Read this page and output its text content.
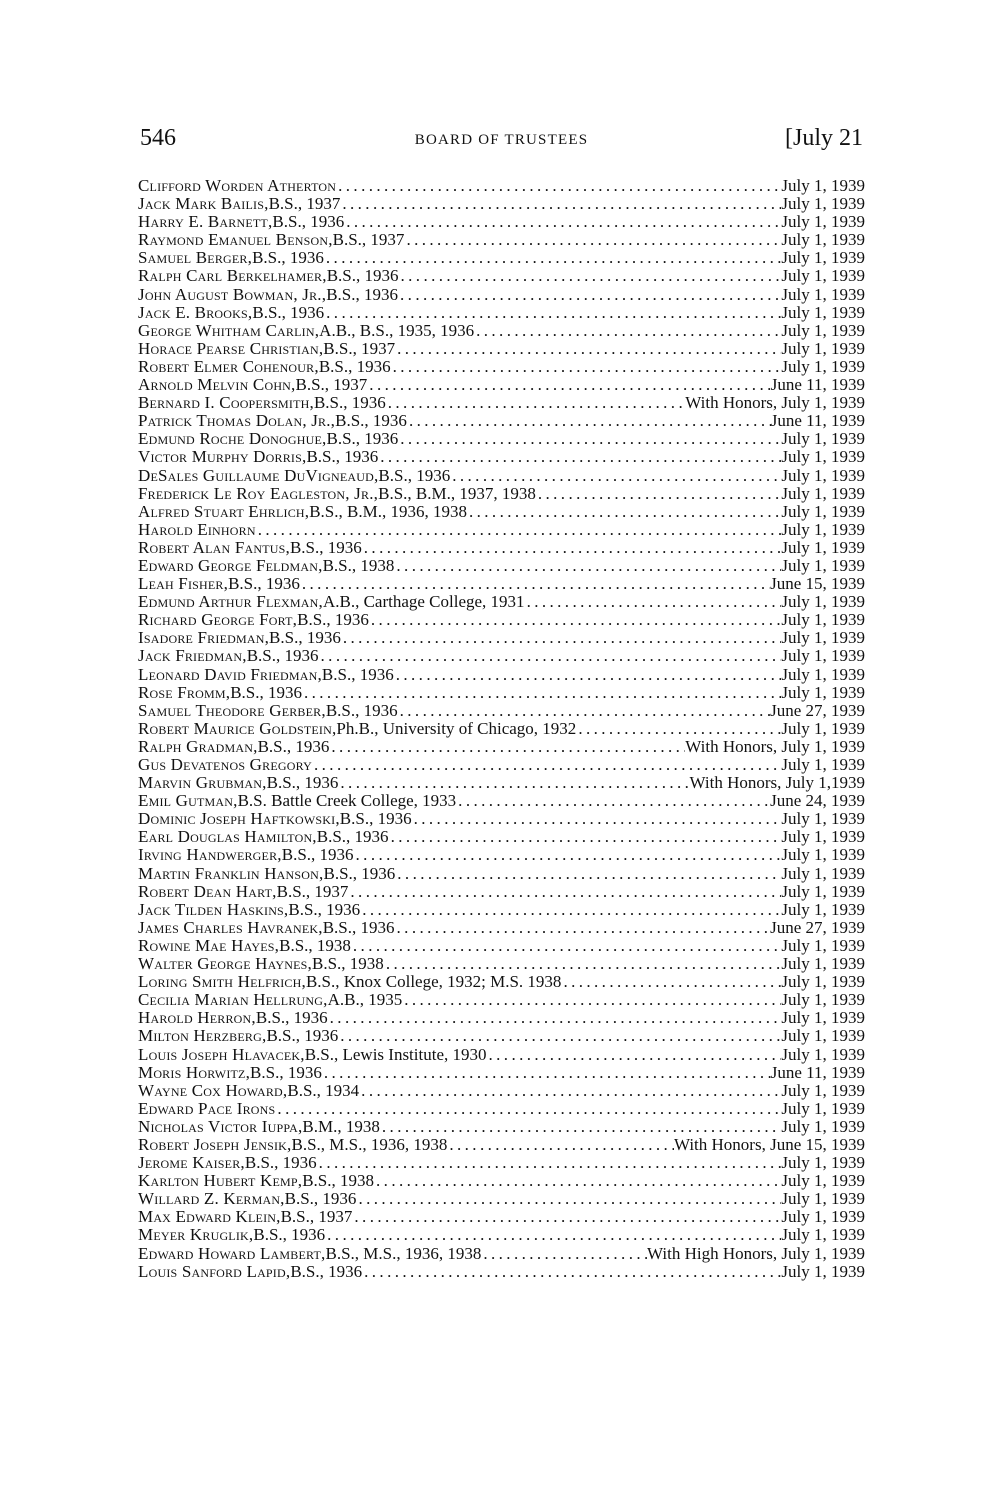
546	BOARD OF TRUSTEES	[July 21
Clifford Worden Atherton .....	July 1, 1939
Jack Mark Bailis, B.S., 1937 .....	July 1, 1939
Harry E. Barnett, B.S., 1936 .....	July 1, 1939
Raymond Emanuel Benson, B.S., 1937 .....	July 1, 1939
Samuel Berger, B.S., 1936 .....	July 1, 1939
Ralph Carl Berkelhamer, B.S., 1936 .....	July 1, 1939
John August Bowman, Jr., B.S., 1936 .....	July 1, 1939
Jack E. Brooks, B.S., 1936 .....	July 1, 1939
George Whitham Carlin, A.B., B.S., 1935, 1936 .....	July 1, 1939
Horace Pearse Christian, B.S., 1937 .....	July 1, 1939
Robert Elmer Cohenour, B.S., 1936 .....	July 1, 1939
Arnold Melvin Cohn, B.S., 1937 .....	June 11, 1939
Bernard I. Coopersmith, B.S., 1936 .....	With Honors, July 1, 1939
Patrick Thomas Dolan, Jr., B.S., 1936 .....	June 11, 1939
Edmund Roche Donoghue, B.S., 1936 .....	July 1, 1939
Victor Murphy Dorris, B.S., 1936 .....	July 1, 1939
DeSales Guillaume DuVigneaud, B.S., 1936 .....	July 1, 1939
Frederick Le Roy Eagleston, Jr., B.S., B.M., 1937, 1938 .....	July 1, 1939
Alfred Stuart Ehrlich, B.S., B.M., 1936, 1938 .....	July 1, 1939
Harold Einhorn .....	July 1, 1939
Robert Alan Fantus, B.S., 1936 .....	July 1, 1939
Edward George Feldman, B.S., 1938 .....	July 1, 1939
Leah Fisher, B.S., 1936 .....	June 15, 1939
Edmund Arthur Flexman, A.B., Carthage College, 1931 .....	July 1, 1939
Richard George Fort, B.S., 1936 .....	July 1, 1939
Isadore Friedman, B.S., 1936 .....	July 1, 1939
Jack Friedman, B.S., 1936 .....	July 1, 1939
Leonard David Friedman, B.S., 1936 .....	July 1, 1939
Rose Fromm, B.S., 1936 .....	July 1, 1939
Samuel Theodore Gerber, B.S., 1936 .....	June 27, 1939
Robert Maurice Goldstein, Ph.B., University of Chicago, 1932 .....	July 1, 1939
Ralph Gradman, B.S., 1936 .....	With Honors, July 1, 1939
Gus Devatenos Gregory .....	July 1, 1939
Marvin Grubman, B.S., 1936 .....	With Honors, July 1,1939
Emil Gutman, B.S. Battle Creek College, 1933 .....	June 24, 1939
Dominic Joseph Haftkowski, B.S., 1936 .....	July 1, 1939
Earl Douglas Hamilton, B.S., 1936 .....	July 1, 1939
Irving Handwerger, B.S., 1936 .....	July 1, 1939
Martin Franklin Hanson, B.S., 1936 .....	July 1, 1939
Robert Dean Hart, B.S., 1937 .....	July 1, 1939
Jack Tilden Haskins, B.S., 1936 .....	July 1, 1939
James Charles Havranek, B.S., 1936 .....	June 27, 1939
Rowine Mae Hayes, B.S., 1938 .....	July 1, 1939
Walter George Haynes, B.S., 1938 .....	July 1, 1939
Loring Smith Helfrich, B.S., Knox College, 1932; M.S. 1938 .....	July 1, 1939
Cecilia Marian Hellrung, A.B., 1935 .....	July 1, 1939
Harold Herron, B.S., 1936 .....	July 1, 1939
Milton Herzberg, B.S., 1936 .....	July 1, 1939
Louis Joseph Hlavacek, B.S., Lewis Institute, 1930 .....	July 1, 1939
Moris Horwitz, B.S., 1936 .....	June 11, 1939
Wayne Cox Howard, B.S., 1934 .....	July 1, 1939
Edward Pace Irons .....	July 1, 1939
Nicholas Victor Iuppa, B.M., 1938 .....	July 1, 1939
Robert Joseph Jensik, B.S., M.S., 1936, 1938 .....	With Honors, June 15, 1939
Jerome Kaiser, B.S., 1936 .....	July 1, 1939
Karlton Hubert Kemp, B.S., 1938 .....	July 1, 1939
Willard Z. Kerman, B.S., 1936 .....	July 1, 1939
Max Edward Klein, B.S., 1937 .....	July 1, 1939
Meyer Kruglik, B.S., 1936 .....	July 1, 1939
Edward Howard Lambert, B.S., M.S., 1936, 1938 .....	With High Honors, July 1, 1939
Louis Sanford Lapid, B.S., 1936 .....	July 1, 1939
